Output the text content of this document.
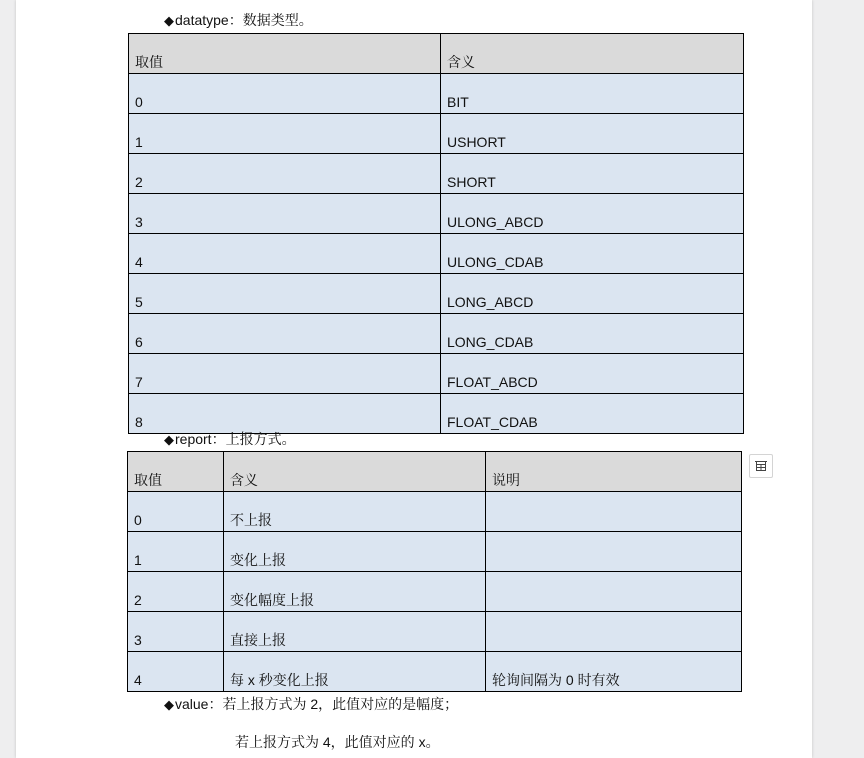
◆datatype：数据类型。
取值	含义
0	BIT
1	USHORT
2	SHORT
3	ULONG_ABCD
4	ULONG_CDAB
5	LONG_ABCD
6	LONG_CDAB
7	FLOAT_ABCD
8	FLOAT_CDAB
◆report：上报方式。
取值	含义	说明
0	不上报	
1	变化上报	
2	变化幅度上报	
3	直接上报	
4	每 x 秒变化上报	轮询间隔为 0 时有效
◆value：若上报方式为 2，此值对应的是幅度；
若上报方式为 4，此值对应的 x。
